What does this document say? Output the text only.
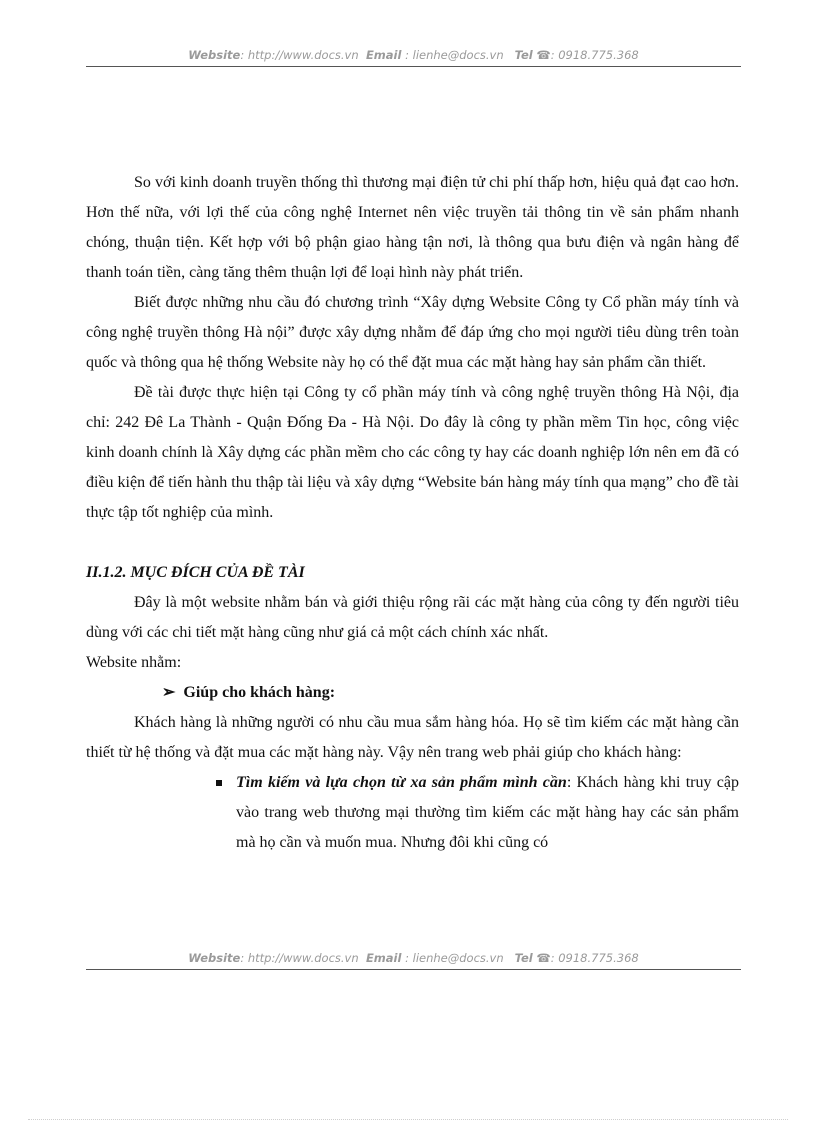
Website: http://www.docs.vn Email : lienhe@docs.vn Tel ☎: 0918.775.368

So với kinh doanh truyền thống thì thương mại điện tử chi phí thấp hơn, hiệu quả đạt cao hơn. Hơn thế nữa, với lợi thế của công nghệ Internet nên việc truyền tải thông tin về sản phẩm nhanh chóng, thuận tiện. Kết hợp với bộ phận giao hàng tận nơi, là thông qua bưu điện và ngân hàng để thanh toán tiền, càng tăng thêm thuận lợi để loại hình này phát triển.

Biết được những nhu cầu đó chương trình “Xây dựng Website Công ty Cổ phần máy tính và công nghệ truyền thông Hà nội” được xây dựng nhằm để đáp ứng cho mọi người tiêu dùng trên toàn quốc và thông qua hệ thống Website này họ có thể đặt mua các mặt hàng hay sản phẩm cần thiết.

Đề tài được thực hiện tại Công ty cổ phần máy tính và công nghệ truyền thông Hà Nội, địa chỉ: 242 Đê La Thành - Quận Đống Đa - Hà Nội. Do đây là công ty phần mềm Tin học, công việc kinh doanh chính là Xây dựng các phần mềm cho các công ty hay các doanh nghiệp lớn nên em đã có điều kiện để tiến hành thu thập tài liệu và xây dựng “Website bán hàng máy tính qua mạng” cho đề tài thực tập tốt nghiệp của mình.

II.1.2. MỤC ĐÍCH CỦA ĐỀ TÀI

Đây là một website nhằm bán và giới thiệu rộng rãi các mặt hàng của công ty đến người tiêu dùng với các chi tiết mặt hàng cũng như giá cả một cách chính xác nhất.

Website nhằm:

➢ Giúp cho khách hàng:

Khách hàng là những người có nhu cầu mua sắm hàng hóa. Họ sẽ tìm kiếm các mặt hàng cần thiết từ hệ thống và đặt mua các mặt hàng này. Vậy nên trang web phải giúp cho khách hàng:

Tìm kiếm và lựa chọn từ xa sản phẩm mình cần: Khách hàng khi truy cập vào trang web thương mại thường tìm kiếm các mặt hàng hay các sản phẩm mà họ cần và muốn mua. Nhưng đôi khi cũng có

Website: http://www.docs.vn Email : lienhe@docs.vn Tel ☎: 0918.775.368
